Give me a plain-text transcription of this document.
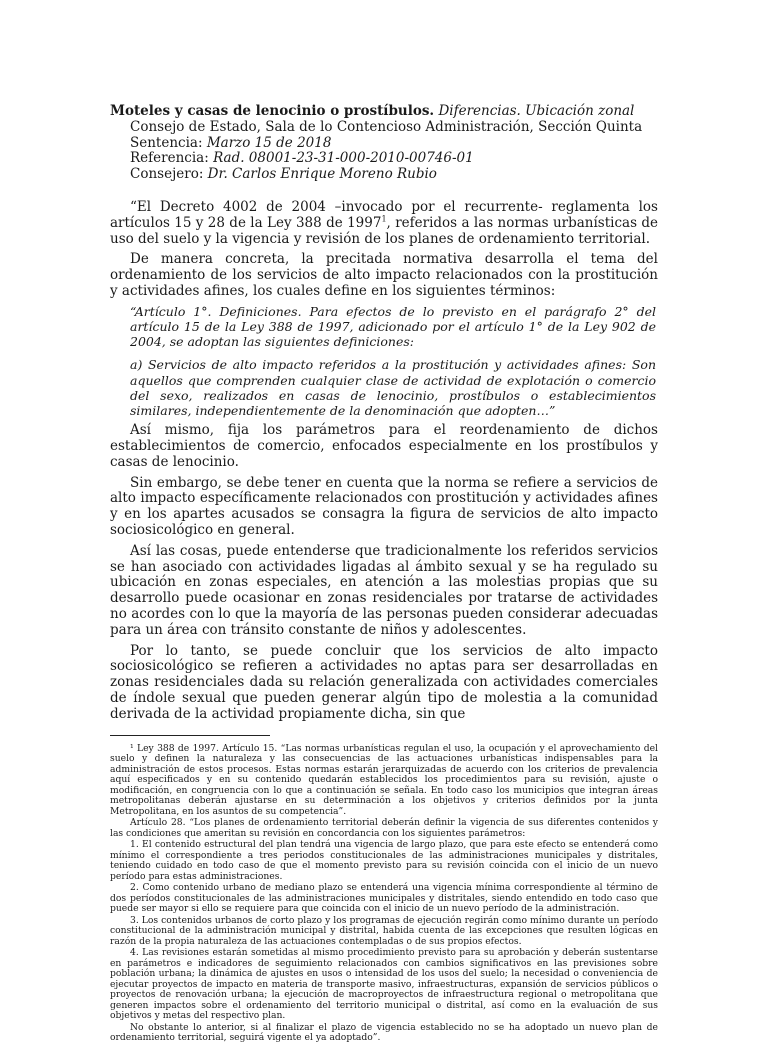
Moteles y casas de lenocinio o prostíbulos. Diferencias. Ubicación zonal
Consejo de Estado, Sala de lo Contencioso Administración, Sección Quinta
Sentencia: Marzo 15 de 2018
Referencia: Rad. 08001-23-31-000-2010-00746-01
Consejero: Dr. Carlos Enrique Moreno Rubio
“El Decreto 4002 de 2004 –invocado por el recurrente- reglamenta los artículos 15 y 28 de la Ley 388 de 1997$^1$, referidos a las normas urbanísticas de uso del suelo y la vigencia y revisión de los planes de ordenamiento territorial.
De manera concreta, la precitada normativa desarrolla el tema del ordenamiento de los servicios de alto impacto relacionados con la prostitución y actividades afines, los cuales define en los siguientes términos:
“Artículo 1°. Definiciones. Para efectos de lo previsto en el parágrafo 2° del artículo 15 de la Ley 388 de 1997, adicionado por el artículo 1° de la Ley 902 de 2004, se adoptan las siguientes definiciones:
a) Servicios de alto impacto referidos a la prostitución y actividades afines: Son aquellos que comprenden cualquier clase de actividad de explotación o comercio del sexo, realizados en casas de lenocinio, prostíbulos o establecimientos similares, independientemente de la denominación que adopten…”
Así mismo, fija los parámetros para el reordenamiento de dichos establecimientos de comercio, enfocados especialmente en los prostíbulos y casas de lenocinio.
Sin embargo, se debe tener en cuenta que la norma se refiere a servicios de alto impacto específicamente relacionados con prostitución y actividades afines y en los apartes acusados se consagra la figura de servicios de alto impacto sociosicológico en general.
Así las cosas, puede entenderse que tradicionalmente los referidos servicios se han asociado con actividades ligadas al ámbito sexual y se ha regulado su ubicación en zonas especiales, en atención a las molestias propias que su desarrollo puede ocasionar en zonas residenciales por tratarse de actividades no acordes con lo que la mayoría de las personas pueden considerar adecuadas para un área con tránsito constante de niños y adolescentes.
Por lo tanto, se puede concluir que los servicios de alto impacto sociosicológico se refieren a actividades no aptas para ser desarrolladas en zonas residenciales dada su relación generalizada con actividades comerciales de índole sexual que pueden generar algún tipo de molestia a la comunidad derivada de la actividad propiamente dicha, sin que

¹ Ley 388 de 1997. Artículo 15. “Las normas urbanísticas regulan el uso, la ocupación y el aprovechamiento del suelo y definen la naturaleza y las consecuencias de las actuaciones urbanísticas indispensables para la administración de estos procesos. Estas normas estarán jerarquizadas de acuerdo con los criterios de prevalencia aquí especificados y en su contenido quedarán establecidos los procedimientos para su revisión, ajuste o modificación, en congruencia con lo que a continuación se señala. En todo caso los municipios que integran áreas metropolitanas deberán ajustarse en su determinación a los objetivos y criterios definidos por la junta Metropolitana, en los asuntos de su competencia”.

Artículo 28. “Los planes de ordenamiento territorial deberán definir la vigencia de sus diferentes contenidos y las condiciones que ameritan su revisión en concordancia con los siguientes parámetros:

1. El contenido estructural del plan tendrá una vigencia de largo plazo, que para este efecto se entenderá como mínimo el correspondiente a tres periodos constitucionales de las administraciones municipales y distritales, teniendo cuidado en todo caso de que el momento previsto para su revisión coincida con el inicio de un nuevo período para estas administraciones.

2. Como contenido urbano de mediano plazo se entenderá una vigencia mínima correspondiente al término de dos períodos constitucionales de las administraciones municipales y distritales, siendo entendido en todo caso que puede ser mayor si ello se requiere para que coincida con el inicio de un nuevo período de la administración.

3. Los contenidos urbanos de corto plazo y los programas de ejecución regirán como mínimo durante un período constitucional de la administración municipal y distrital, habida cuenta de las excepciones que resulten lógicas en razón de la propia naturaleza de las actuaciones contempladas o de sus propios efectos.

4. Las revisiones estarán sometidas al mismo procedimiento previsto para su aprobación y deberán sustentarse en parámetros e indicadores de seguimiento relacionados con cambios significativos en las previsiones sobre población urbana; la dinámica de ajustes en usos o intensidad de los usos del suelo; la necesidad o conveniencia de ejecutar proyectos de impacto en materia de transporte masivo, infraestructuras, expansión de servicios públicos o proyectos de renovación urbana; la ejecución de macroproyectos de infraestructura regional o metropolitana que generen impactos sobre el ordenamiento del territorio municipal o distrital, así como en la evaluación de sus objetivos y metas del respectivo plan.

No obstante lo anterior, si al finalizar el plazo de vigencia establecido no se ha adoptado un nuevo plan de ordenamiento territorial, seguirá vigente el ya adoptado”.
